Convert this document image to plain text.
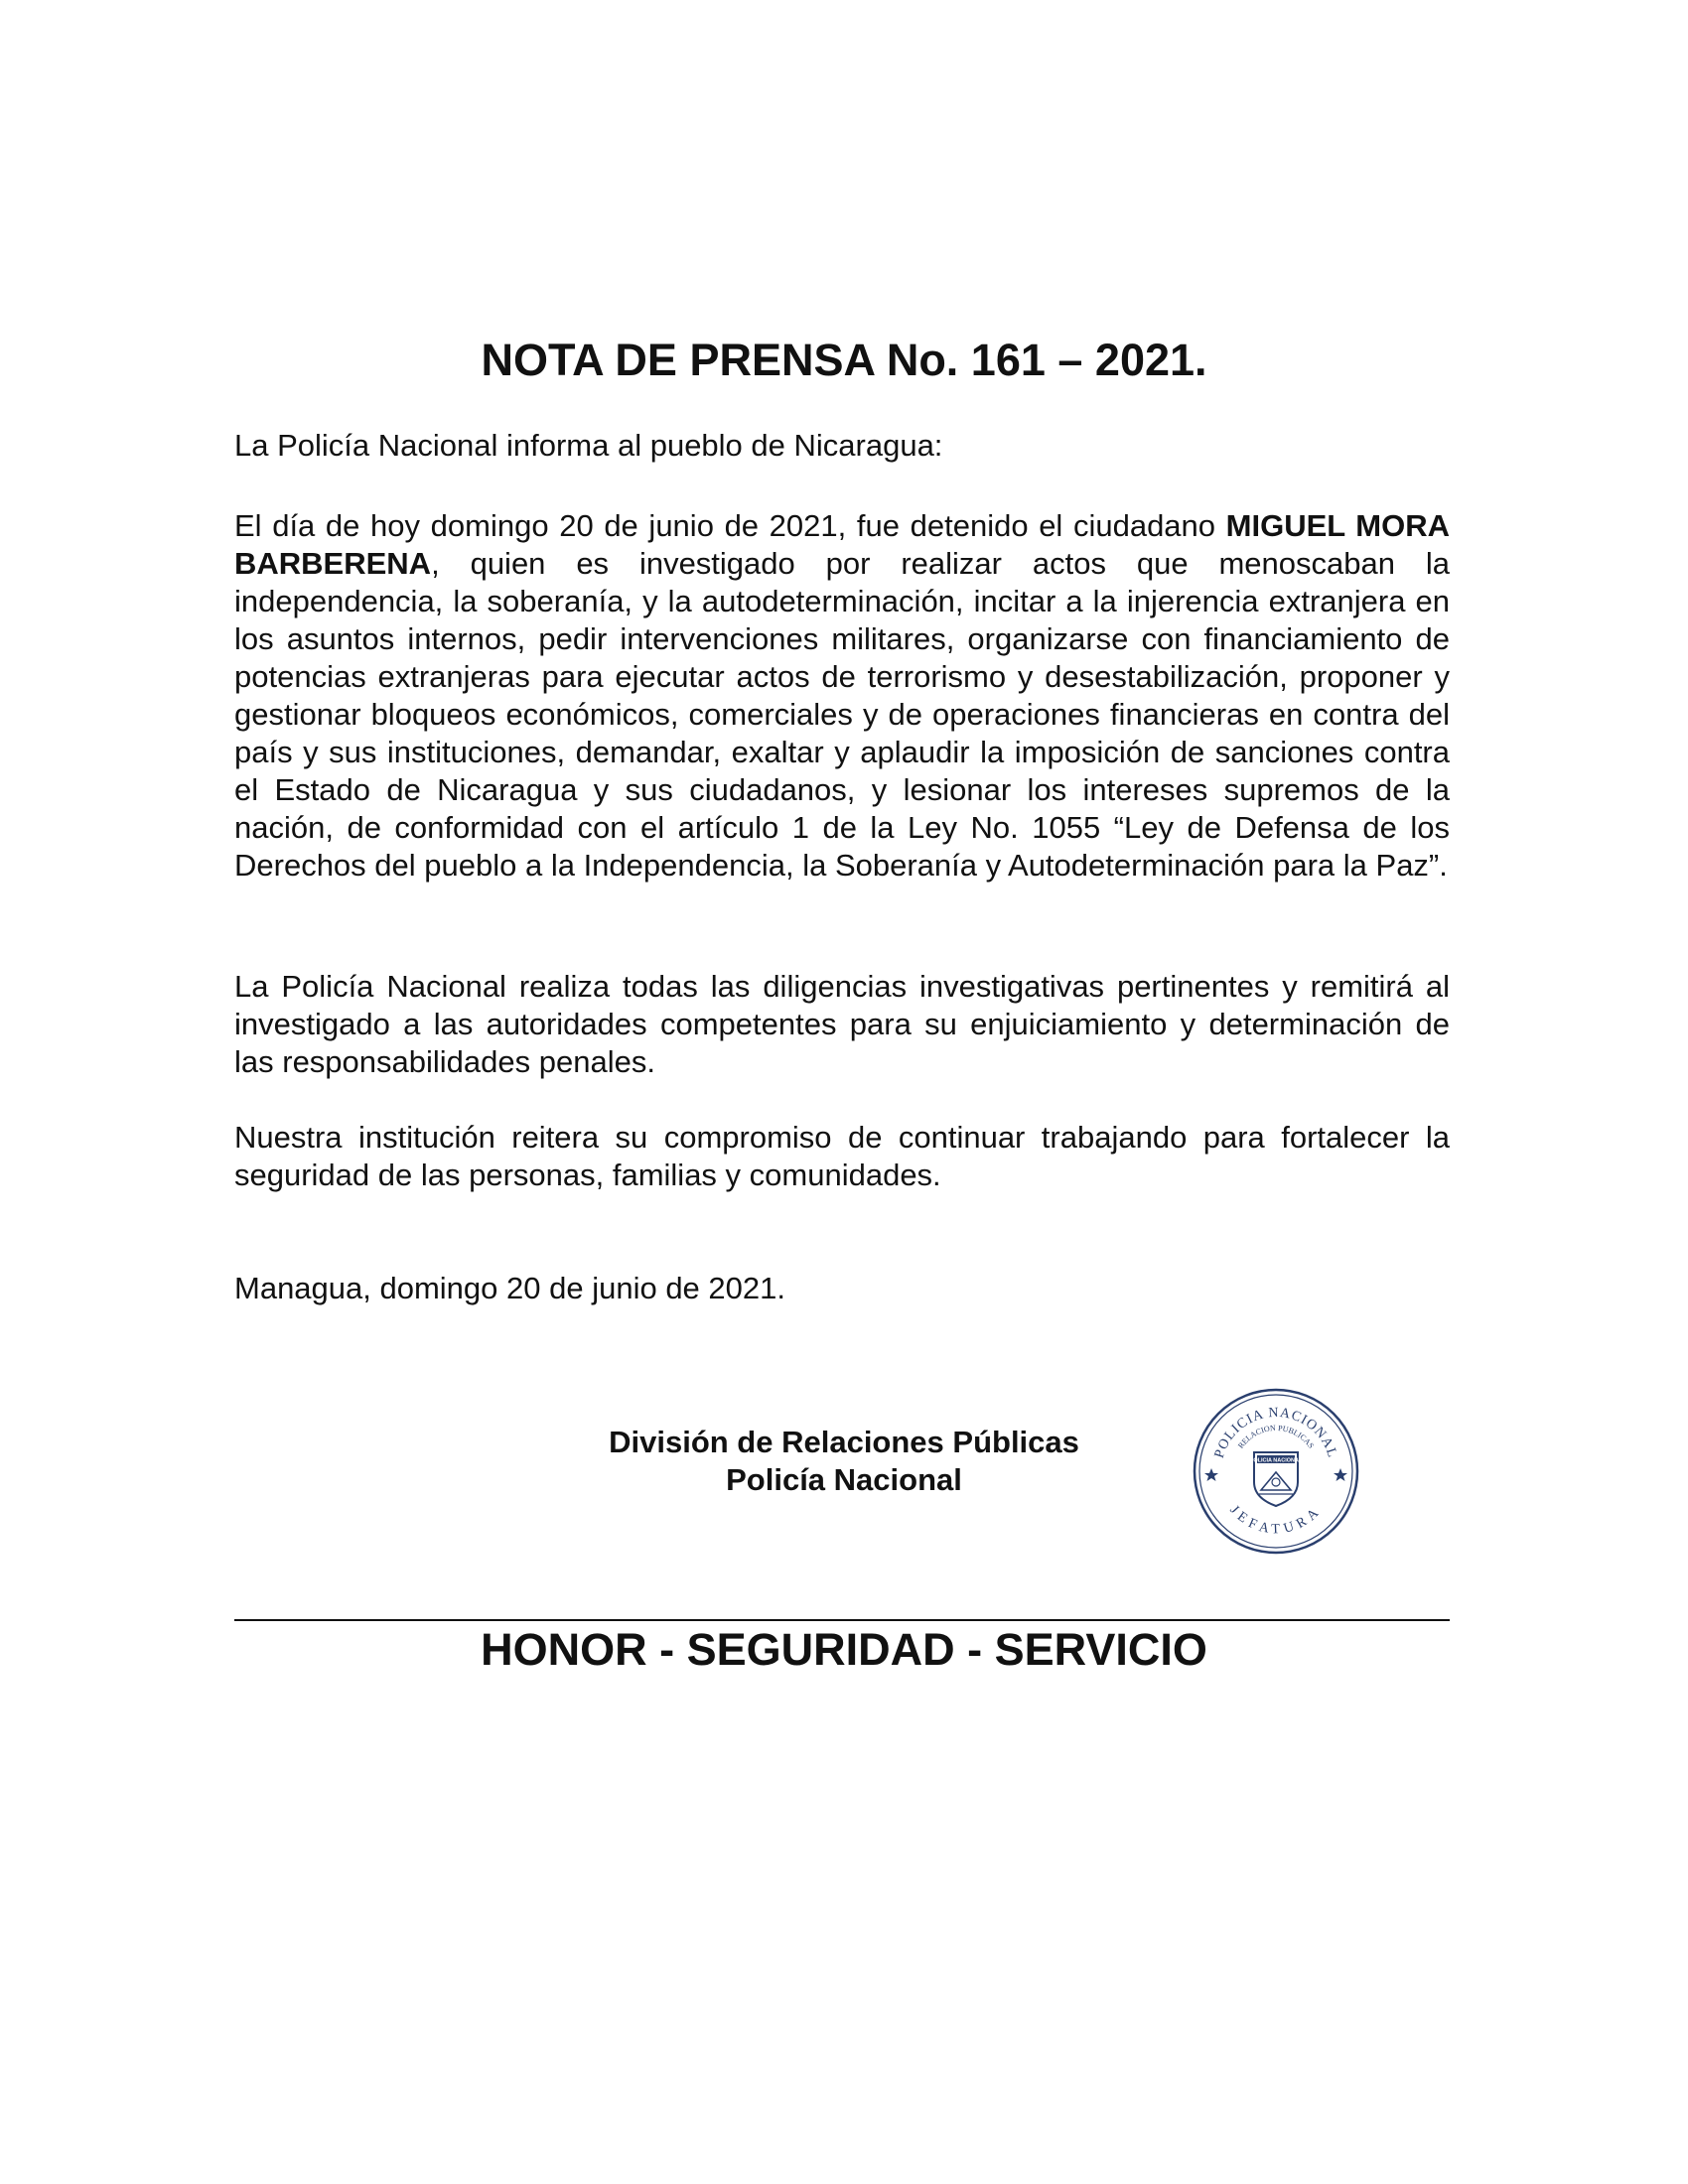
NOTA DE PRENSA No. 161 – 2021.
La Policía Nacional informa al pueblo de Nicaragua:
El día de hoy domingo 20 de junio de 2021, fue detenido el ciudadano MIGUEL MORA BARBERENA, quien es investigado por realizar actos que menoscaban la independencia, la soberanía, y la autodeterminación, incitar a la injerencia extranjera en los asuntos internos, pedir intervenciones militares, organizarse con financiamiento de potencias extranjeras para ejecutar actos de terrorismo y desestabilización, proponer y gestionar bloqueos económicos, comerciales y de operaciones financieras en contra del país y sus instituciones, demandar, exaltar y aplaudir la imposición de sanciones contra el Estado de Nicaragua y sus ciudadanos, y lesionar los intereses supremos de la nación, de conformidad con el artículo 1 de la Ley No. 1055 “Ley de Defensa de los Derechos del pueblo a la Independencia, la Soberanía y Autodeterminación para la Paz”.
La Policía Nacional realiza todas las diligencias investigativas pertinentes y remitirá al investigado a las autoridades competentes para su enjuiciamiento y determinación de las responsabilidades penales.
Nuestra institución reitera su compromiso de continuar trabajando para fortalecer la seguridad de las personas, familias y comunidades.
Managua, domingo 20 de junio de 2021.
División de Relaciones Públicas
Policía Nacional
POLICIA NACIONAL
RELACION PUBLICAS
JEFATURA
POLICIA NACIONAL
HONOR - SEGURIDAD - SERVICIO
